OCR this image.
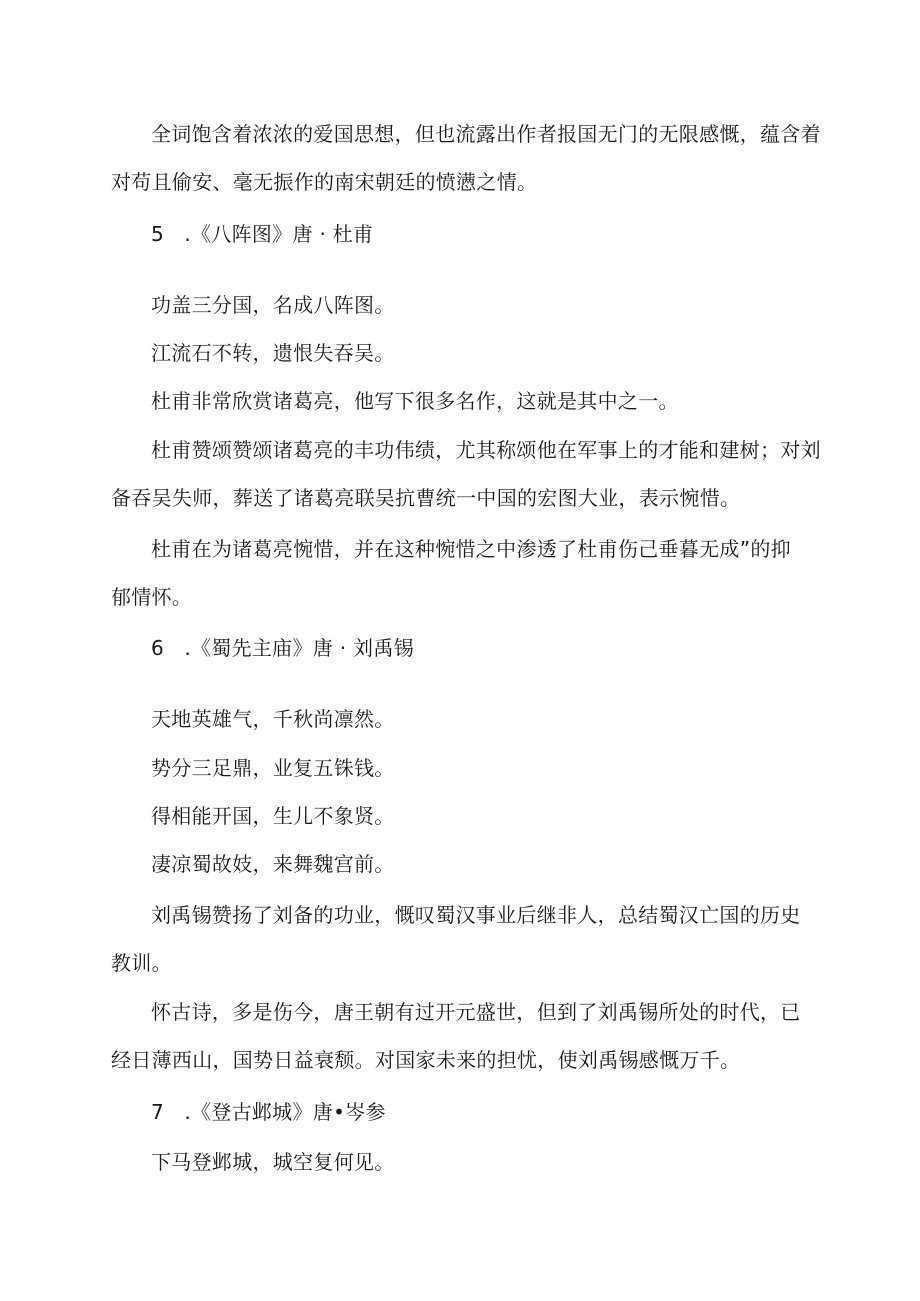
全词饱含着浓浓的爱国思想，但也流露出作者报国无门的无限感慨，蕴含着
对苟且偷安、毫无振作的南宋朝廷的愤懑之情。
5　.《八阵图》唐 · 杜甫
功盖三分国，名成八阵图。
江流石不转，遗恨失吞吴。
杜甫非常欣赏诸葛亮，他写下很多名作，这就是其中之一。
杜甫赞颂赞颂诸葛亮的丰功伟绩，尤其称颂他在军事上的才能和建树；对刘
备吞吴失师，葬送了诸葛亮联吴抗曹统一中国的宏图大业，表示惋惜。
杜甫在为诸葛亮惋惜，并在这种惋惜之中渗透了杜甫伤己垂暮无成”的抑
郁情怀。
6　.《蜀先主庙》唐 · 刘禹锡
天地英雄气，千秋尚凛然。
势分三足鼎，业复五铢钱。
得相能开国，生儿不象贤。
凄凉蜀故妓，来舞魏宫前。
刘禹锡赞扬了刘备的功业，慨叹蜀汉事业后继非人，总结蜀汉亡国的历史
教训。
怀古诗，多是伤今，唐王朝有过开元盛世，但到了刘禹锡所处的时代，已
经日薄西山，国势日益衰颓。对国家未来的担忧，使刘禹锡感慨万千。
7　.《登古邺城》唐•岑参
下马登邺城，城空复何见。
